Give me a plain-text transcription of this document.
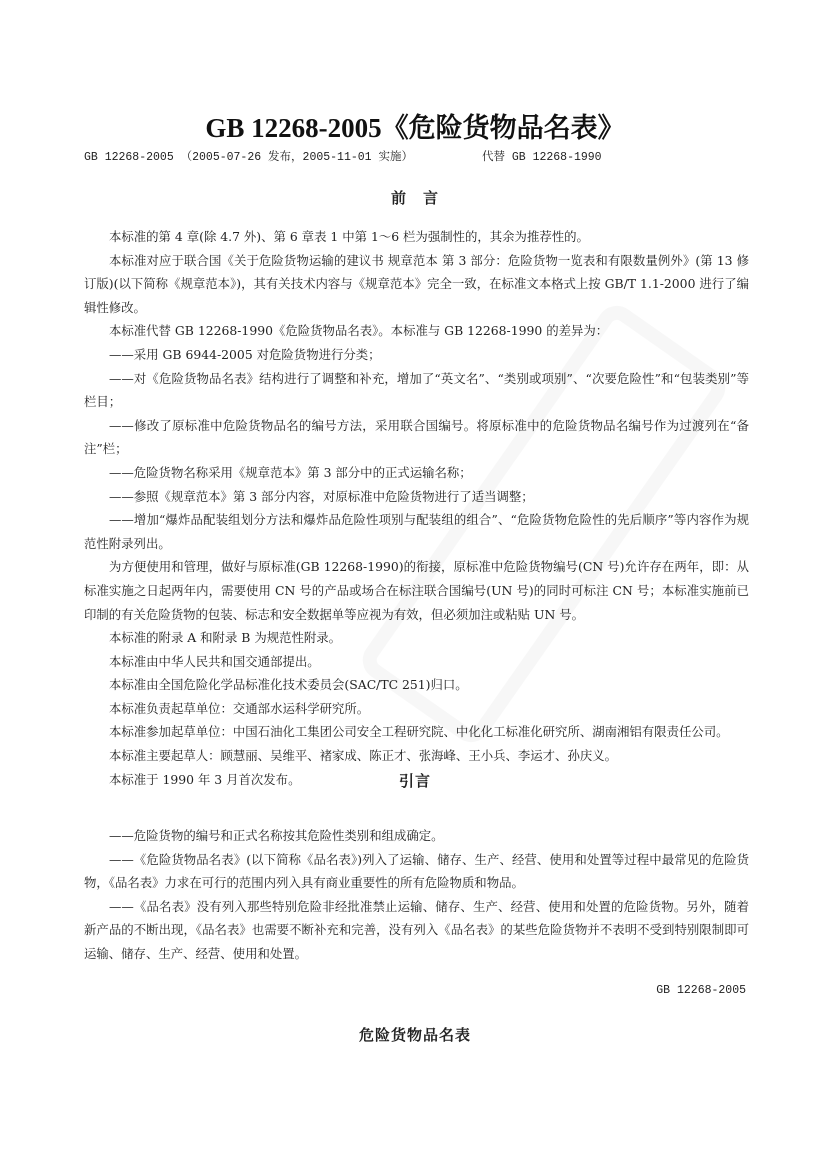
GB 12268-2005《危险货物品名表》
GB 12268-2005 （2005-07-26 发布，2005-11-01 实施）	代替 GB 12268-1990
前　言

本标准的第 4 章(除 4.7 外)、第 6 章表 1 中第 1～6 栏为强制性的，其余为推荐性的。

本标准对应于联合国《关于危险货物运输的建议书 规章范本 第 3 部分：危险货物一览表和有限数量例外》(第 13 修订版)(以下简称《规章范本》)，其有关技术内容与《规章范本》完全一致，在标准文本格式上按 GB/T 1.1-2000 进行了编辑性修改。

本标准代替 GB 12268-1990《危险货物品名表》。本标准与 GB 12268-1990 的差异为：

——采用 GB 6944-2005 对危险货物进行分类；

——对《危险货物品名表》结构进行了调整和补充，增加了“英文名”、“类别或项别”、“次要危险性”和“包装类别”等栏目；

——修改了原标准中危险货物品名的编号方法，采用联合国编号。将原标准中的危险货物品名编号作为过渡列在“备注”栏；

——危险货物名称采用《规章范本》第 3 部分中的正式运输名称；

——参照《规章范本》第 3 部分内容，对原标准中危险货物进行了适当调整；

——增加“爆炸品配装组划分方法和爆炸品危险性项别与配装组的组合”、“危险货物危险性的先后顺序”等内容作为规范性附录列出。

为方便使用和管理，做好与原标准(GB 12268-1990)的衔接，原标准中危险货物编号(CN 号)允许存在两年，即：从标准实施之日起两年内，需要使用 CN 号的产品或场合在标注联合国编号(UN 号)的同时可标注 CN 号；本标准实施前已印制的有关危险货物的包装、标志和安全数据单等应视为有效，但必须加注或粘贴 UN 号。

本标准的附录 A 和附录 B 为规范性附录。

本标准由中华人民共和国交通部提出。

本标准由全国危险化学品标准化技术委员会(SAC/TC 251)归口。

本标准负责起草单位：交通部水运科学研究所。

本标准参加起草单位：中国石油化工集团公司安全工程研究院、中化化工标准化研究所、湖南湘铝有限责任公司。

本标准主要起草人：顾慧丽、吴维平、褚家成、陈正才、张海峰、王小兵、李运才、孙庆义。

本标准于 1990 年 3 月首次发布。	引言

——危险货物的编号和正式名称按其危险性类别和组成确定。

——《危险货物品名表》(以下简称《品名表》)列入了运输、储存、生产、经营、使用和处置等过程中最常见的危险货物，《品名表》力求在可行的范围内列入具有商业重要性的所有危险物质和物品。

——《品名表》没有列入那些特别危险非经批准禁止运输、储存、生产、经营、使用和处置的危险货物。另外，随着新产品的不断出现，《品名表》也需要不断补充和完善，没有列入《品名表》的某些危险货物并不表明不受到特别限制即可运输、储存、生产、经营、使用和处置。

GB 12268-2005
危险货物品名表
